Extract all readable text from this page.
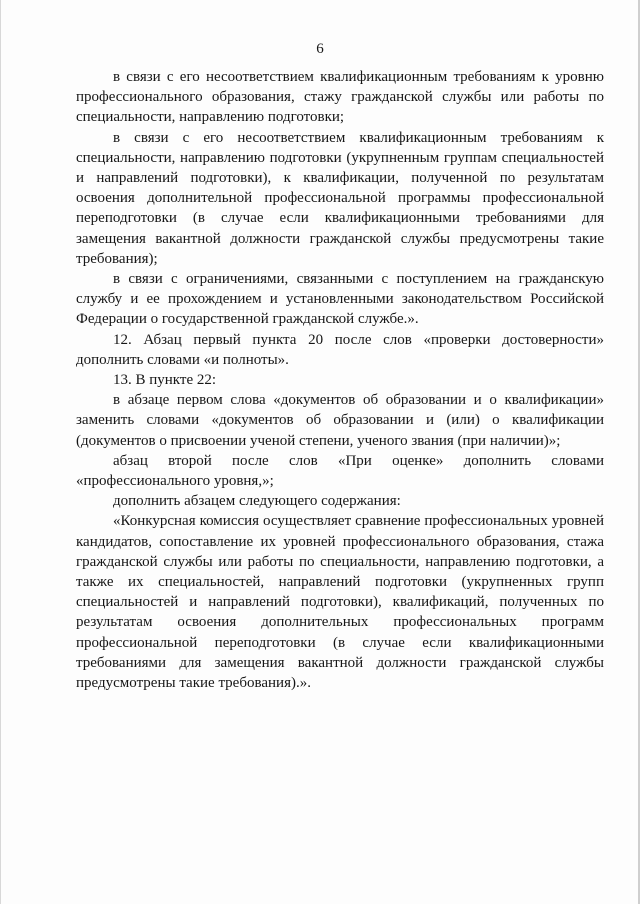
6

в связи с его несоответствием квалификационным требованиям к уровню профессионального образования, стажу гражданской службы или работы по специальности, направлению подготовки;

в связи с его несоответствием квалификационным требованиям к специальности, направлению подготовки (укрупненным группам специальностей и направлений подготовки), к квалификации, полученной по результатам освоения дополнительной профессиональной программы профессиональной переподготовки (в случае если квалификационными требованиями для замещения вакантной должности гражданской службы предусмотрены такие требования);

в связи с ограничениями, связанными с поступлением на гражданскую службу и ее прохождением и установленными законодательством Российской Федерации о государственной гражданской службе.».

12. Абзац первый пункта 20 после слов «проверки достоверности» дополнить словами «и полноты».

13. В пункте 22:

в абзаце первом слова «документов об образовании и о квалификации» заменить словами «документов об образовании и (или) о квалификации (документов о присвоении ученой степени, ученого звания (при наличии)»;

абзац второй после слов «При оценке» дополнить словами «профессионального уровня,»;

дополнить абзацем следующего содержания:

«Конкурсная комиссия осуществляет сравнение профессиональных уровней кандидатов, сопоставление их уровней профессионального образования, стажа гражданской службы или работы по специальности, направлению подготовки, а также их специальностей, направлений подготовки (укрупненных групп специальностей и направлений подготовки), квалификаций, полученных по результатам освоения дополнительных профессиональных программ профессиональной переподготовки (в случае если квалификационными требованиями для замещения вакантной должности гражданской службы предусмотрены такие требования).».
